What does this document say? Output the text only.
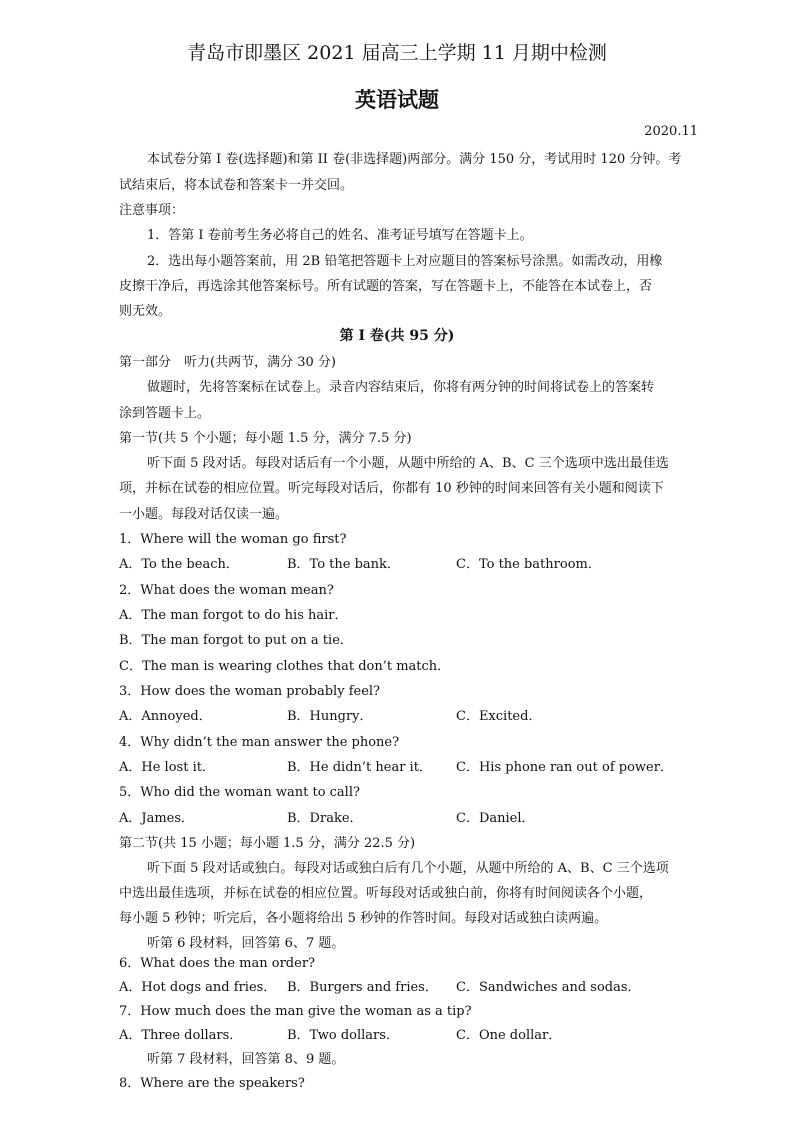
青岛市即墨区 2021 届高三上学期 11 月期中检测
英语试题
2020.11
本试卷分第 I 卷(选择题)和第 II 卷(非选择题)两部分。满分 150 分，考试用时 120 分钟。考
试结束后，将本试卷和答案卡一并交回。
注意事项：
1．答第 I 卷前考生务必将自己的姓名、准考证号填写在答题卡上。
2．选出每小题答案前，用 2B 铅笔把答题卡上对应题目的答案标号涂黑。如需改动，用橡
皮擦干净后，再选涂其他答案标号。所有试题的答案，写在答题卡上，不能答在本试卷上，否
则无效。
第 I 卷(共 95 分)
第一部分　听力(共两节，满分 30 分)
做题时，先将答案标在试卷上。录音内容结束后，你将有两分钟的时间将试卷上的答案转
涂到答题卡上。
第一节(共 5 个小题；每小题 1.5 分，满分 7.5 分)
听下面 5 段对话。每段对话后有一个小题，从题中所给的 A、B、C 三个选项中选出最佳选
项，并标在试卷的相应位置。听完每段对话后，你都有 10 秒钟的时间来回答有关小题和阅读下
一小题。每段对话仅读一遍。
1．Where will the woman go first?
A．To the beach．	B．To the bank．	C．To the bathroom．
2．What does the woman mean?
A．The man forgot to do his hair．
B．The man forgot to put on a tie．
C．The man is wearing clothes that don’t match．
3．How does the woman probably feel?
A．Annoyed．	B．Hungry．	C．Excited．
4．Why didn’t the man answer the phone?
A．He lost it．	B．He didn’t hear it． C．His phone ran out of power．
5．Who did the woman want to call?
A．James．	B．Drake．	C．Daniel．
第二节(共 15 小题；每小题 1.5 分，满分 22.5 分)
听下面 5 段对话或独白。每段对话或独白后有几个小题，从题中所给的 A、B、C 三个选项
中选出最佳选项，并标在试卷的相应位置。听每段对话或独白前，你将有时间阅读各个小题，
每小题 5 秒钟；听完后，各小题将给出 5 秒钟的作答时间。每段对话或独白读两遍。
听第 6 段材料，回答第 6、7 题。
6．What does the man order?
A．Hot dogs and fries． B．Burgers and fries． C．Sandwiches and sodas．
7．How much does the man give the woman as a tip?
A．Three dollars．	B．Two dollars．	C．One dollar．
听第 7 段材料，回答第 8、9 题。
8．Where are the speakers?
